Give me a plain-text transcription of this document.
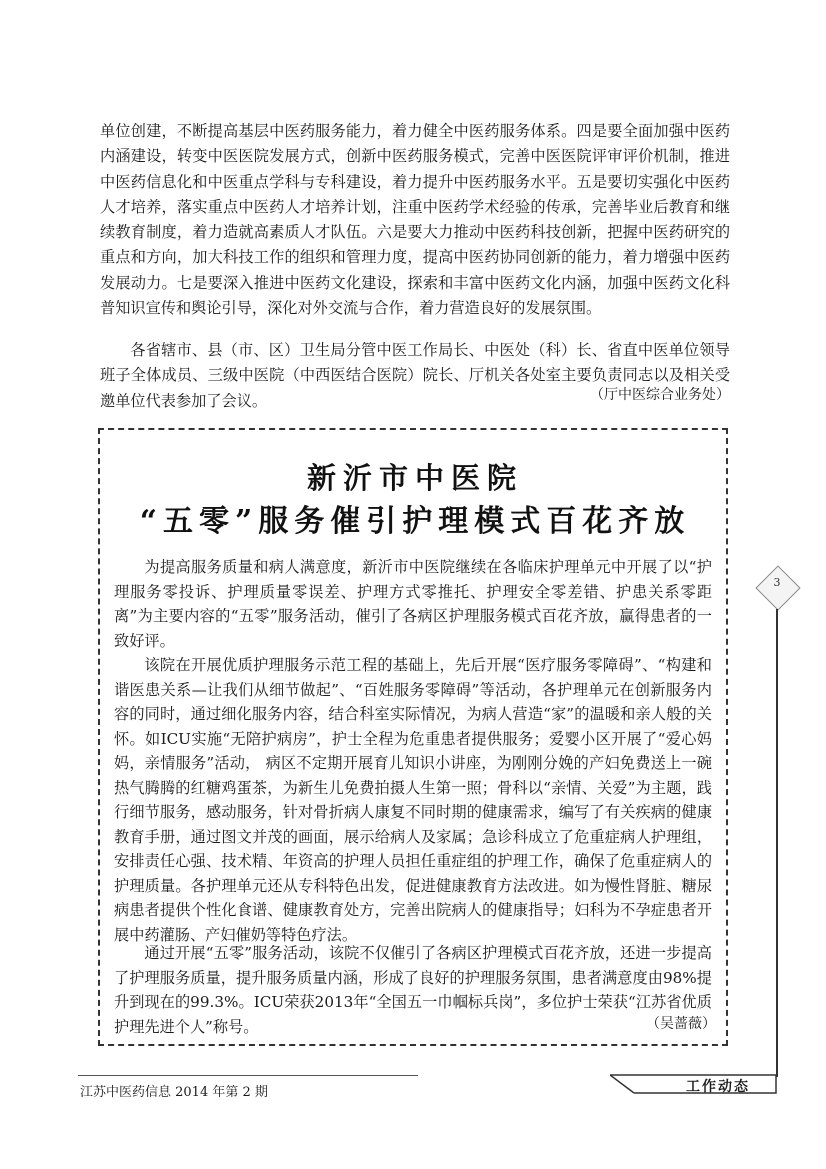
单位创建，不断提高基层中医药服务能力，着力健全中医药服务体系。四是要全面加强中医药内涵建设，转变中医医院发展方式，创新中医药服务模式，完善中医医院评审评价机制，推进中医药信息化和中医重点学科与专科建设，着力提升中医药服务水平。五是要切实强化中医药人才培养，落实重点中医药人才培养计划，注重中医药学术经验的传承，完善毕业后教育和继续教育制度，着力造就高素质人才队伍。六是要大力推动中医药科技创新，把握中医药研究的重点和方向，加大科技工作的组织和管理力度，提高中医药协同创新的能力，着力增强中医药发展动力。七是要深入推进中医药文化建设，探索和丰富中医药文化内涵，加强中医药文化科普知识宣传和舆论引导，深化对外交流与合作，着力营造良好的发展氛围。

各省辖市、县（市、区）卫生局分管中医工作局长、中医处（科）长、省直中医单位领导班子全体成员、三级中医院（中西医结合医院）院长、厅机关各处室主要负责同志以及相关受邀单位代表参加了会议。	（厅中医综合业务处）
新沂市中医院
“五零”服务催引护理模式百花齐放

为提高服务质量和病人满意度，新沂市中医院继续在各临床护理单元中开展了以“护理服务零投诉、护理质量零误差、护理方式零推托、护理安全零差错、护患关系零距离”为主要内容的“五零”服务活动，催引了各病区护理服务模式百花齐放，赢得患者的一致好评。

该院在开展优质护理服务示范工程的基础上，先后开展“医疗服务零障碍”、“构建和谐医患关系—让我们从细节做起”、“百姓服务零障碍”等活动，各护理单元在创新服务内容的同时，通过细化服务内容，结合科室实际情况，为病人营造“家”的温暖和亲人般的关怀。如ICU实施“无陪护病房”，护士全程为危重患者提供服务；爱婴小区开展了“爱心妈妈，亲情服务”活动， 病区不定期开展育儿知识小讲座，为刚刚分娩的产妇免费送上一碗热气腾腾的红糖鸡蛋茶，为新生儿免费拍摄人生第一照；骨科以“亲情、关爱”为主题，践行细节服务，感动服务，针对骨折病人康复不同时期的健康需求，编写了有关疾病的健康教育手册，通过图文并茂的画面，展示给病人及家属；急诊科成立了危重症病人护理组，安排责任心强、技术精、年资高的护理人员担任重症组的护理工作，确保了危重症病人的护理质量。各护理单元还从专科特色出发，促进健康教育方法改进。如为慢性肾脏、糖尿病患者提供个性化食谱、健康教育处方，完善出院病人的健康指导；妇科为不孕症患者开展中药灌肠、产妇催奶等特色疗法。

通过开展“五零”服务活动，该院不仅催引了各病区护理模式百花齐放，还进一步提高了护理服务质量，提升服务质量内涵，形成了良好的护理服务氛围，患者满意度由98%提升到现在的99.3%。ICU荣获2013年“全国五一巾帼标兵岗”，多位护士荣获“江苏省优质护理先进个人”称号。	（吴蔷薇）
3
江苏中医药信息 2014 年第 2 期	工作动态
